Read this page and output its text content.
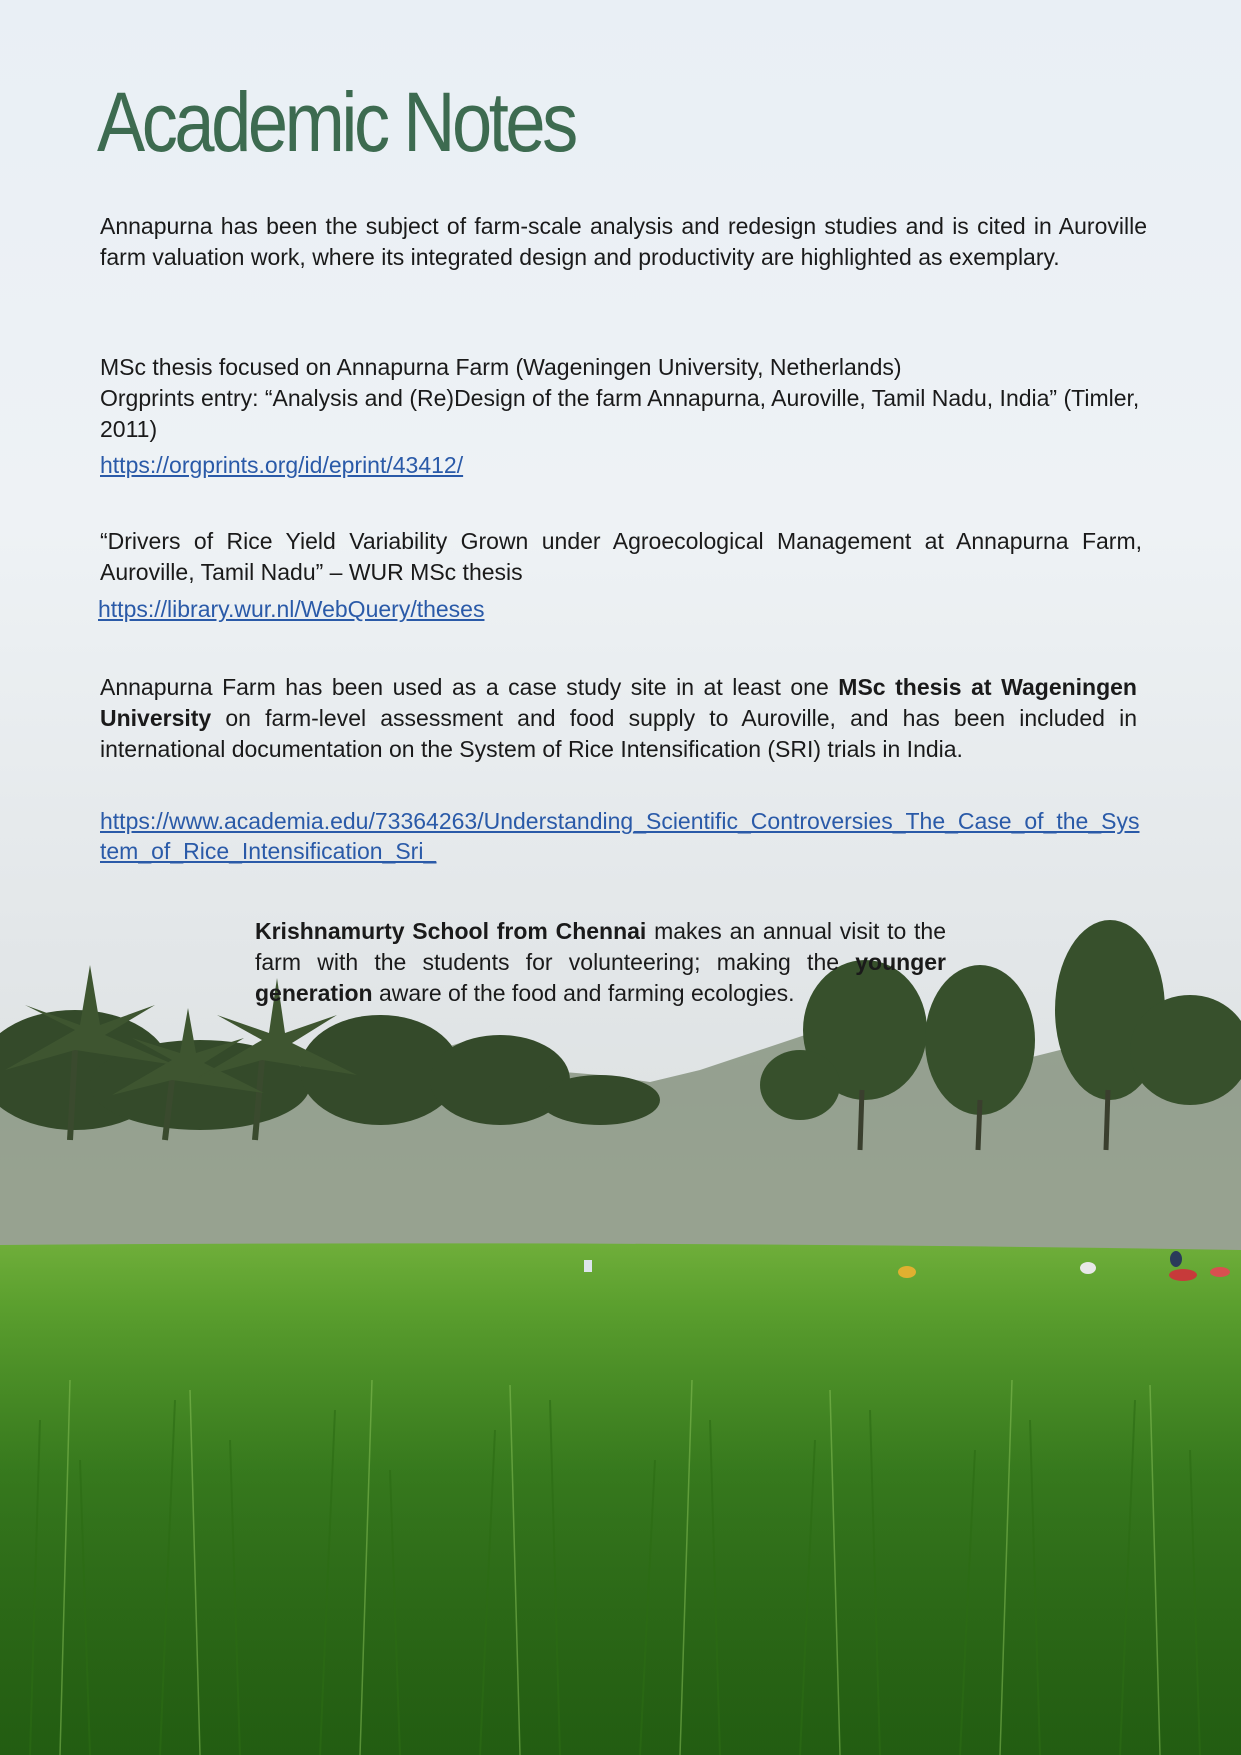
Academic Notes

Annapurna has been the subject of farm-scale analysis and redesign studies and is cited in Auroville farm valuation work, where its integrated design and productivity are highlighted as exemplary.

MSc thesis focused on Annapurna Farm (Wageningen University, Netherlands)
Orgprints entry: “Analysis and (Re)Design of the farm Annapurna, Auroville, Tamil Nadu, India” (Timler, 2011)
https://orgprints.org/id/eprint/43412/

“Drivers of Rice Yield Variability Grown under Agroecological Management at Annapurna Farm, Auroville, Tamil Nadu” – WUR MSc thesis

https://library.wur.nl/WebQuery/theses

Annapurna Farm has been used as a case study site in at least one MSc thesis at Wageningen University on farm-level assessment and food supply to Auroville, and has been included in international documentation on the System of Rice Intensification (SRI) trials in India.

https://www.academia.edu/73364263/Understanding_Scientific_Controversies_The_Case_of_the_System_of_Rice_Intensification_Sri_

Krishnamurty School from Chennai makes an annual visit to the farm with the students for volunteering; making the younger generation aware of the food and farming ecologies.
